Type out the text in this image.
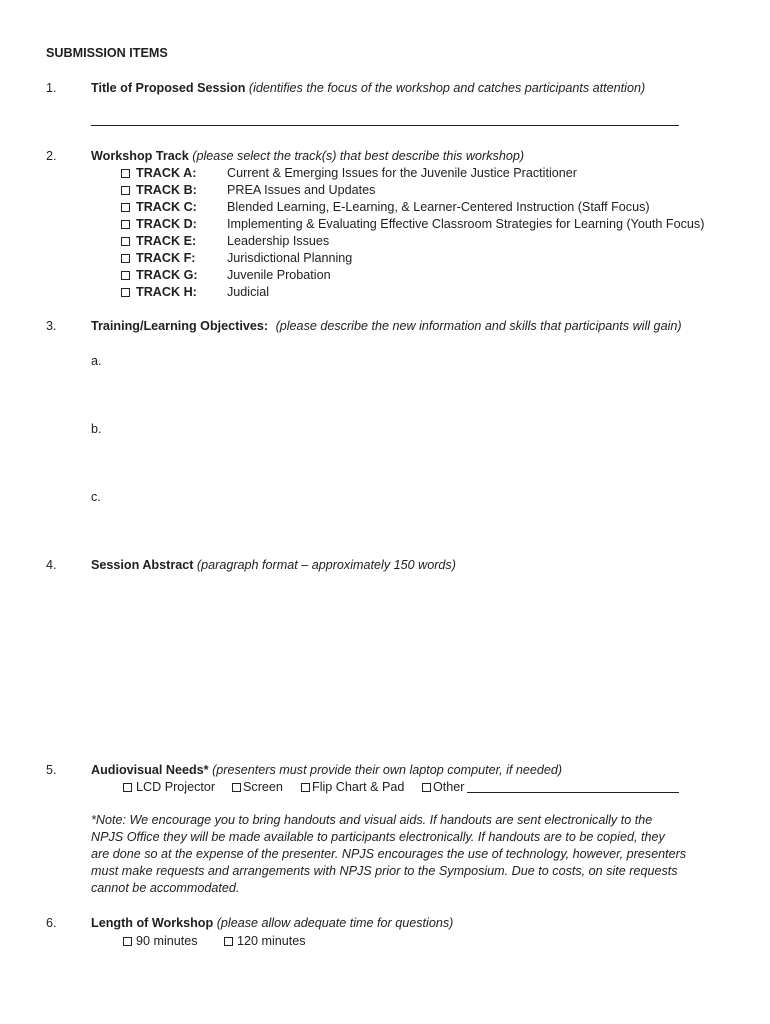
SUBMISSION ITEMS
1.	Title of Proposed Session (identifies the focus of the workshop and catches participants attention)
2.	Workshop Track (please select the track(s) that best describe this workshop)
TRACK A: Current & Emerging Issues for the Juvenile Justice Practitioner
TRACK B: PREA Issues and Updates
TRACK C: Blended Learning, E-Learning, & Learner-Centered Instruction (Staff Focus)
TRACK D: Implementing & Evaluating Effective Classroom Strategies for Learning (Youth Focus)
TRACK E: Leadership Issues
TRACK F:	Jurisdictional Planning
TRACK G: Juvenile Probation
TRACK H: Judicial
3.	Training/Learning Objectives: (please describe the new information and skills that participants will gain)
a.
b.
c.
4.	Session Abstract (paragraph format – approximately 150 words)
5.	Audiovisual Needs* (presenters must provide their own laptop computer, if needed)
LCD Projector	Screen	Flip Chart & Pad	Other
*Note: We encourage you to bring handouts and visual aids. If handouts are sent electronically to the
NPJS Office they will be made available to participants electronically. If handouts are to be copied, they
are done so at the expense of the presenter. NPJS encourages the use of technology, however, presenters
must make requests and arrangements with NPJS prior to the Symposium. Due to costs, on site requests
cannot be accommodated.
6.	Length of Workshop (please allow adequate time for questions)
90 minutes	120 minutes
